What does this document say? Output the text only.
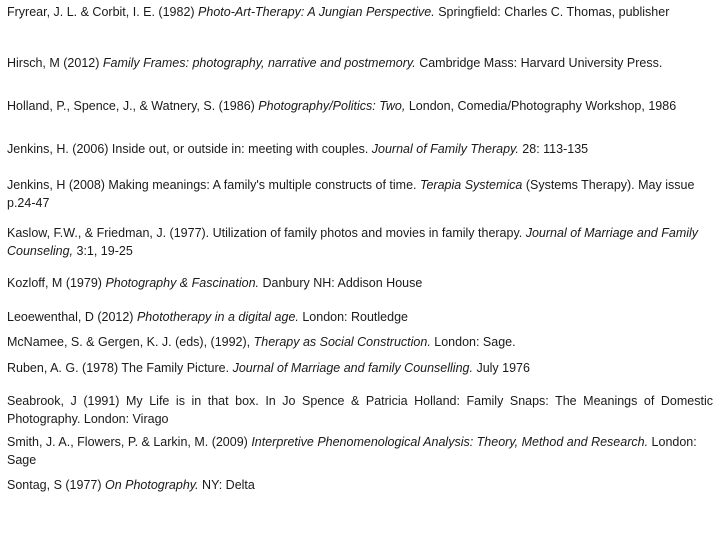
Fryrear, J. L. & Corbit, I. E. (1982) Photo-Art-Therapy: A Jungian Perspective. Springfield: Charles C. Thomas, publisher

Hirsch, M (2012) Family Frames: photography, narrative and postmemory. Cambridge Mass: Harvard University Press.

Holland, P., Spence, J., & Watnery, S. (1986) Photography/Politics: Two, London, Comedia/Photography Workshop, 1986

Jenkins, H. (2006) Inside out, or outside in: meeting with couples. Journal of Family Therapy. 28: 113-135

Jenkins, H (2008) Making meanings: A family's multiple constructs of time. Terapia Systemica (Systems Therapy). May issue p.24-47

Kaslow, F.W., & Friedman, J. (1977). Utilization of family photos and movies in family therapy. Journal of Marriage and Family Counseling, 3:1, 19-25

Kozloff, M (1979) Photography & Fascination. Danbury NH: Addison House

Leoewenthal, D (2012) Phototherapy in a digital age. London: Routledge

McNamee, S. & Gergen, K. J. (eds), (1992), Therapy as Social Construction. London: Sage.

Ruben, A. G. (1978) The Family Picture. Journal of Marriage and family Counselling. July 1976

Seabrook, J (1991) My Life is in that box. In Jo Spence & Patricia Holland: Family Snaps: The Meanings of Domestic Photography. London: Virago

Smith, J. A., Flowers, P. & Larkin, M. (2009) Interpretive Phenomenological Analysis: Theory, Method and Research. London: Sage

Sontag, S (1977) On Photography. NY: Delta
